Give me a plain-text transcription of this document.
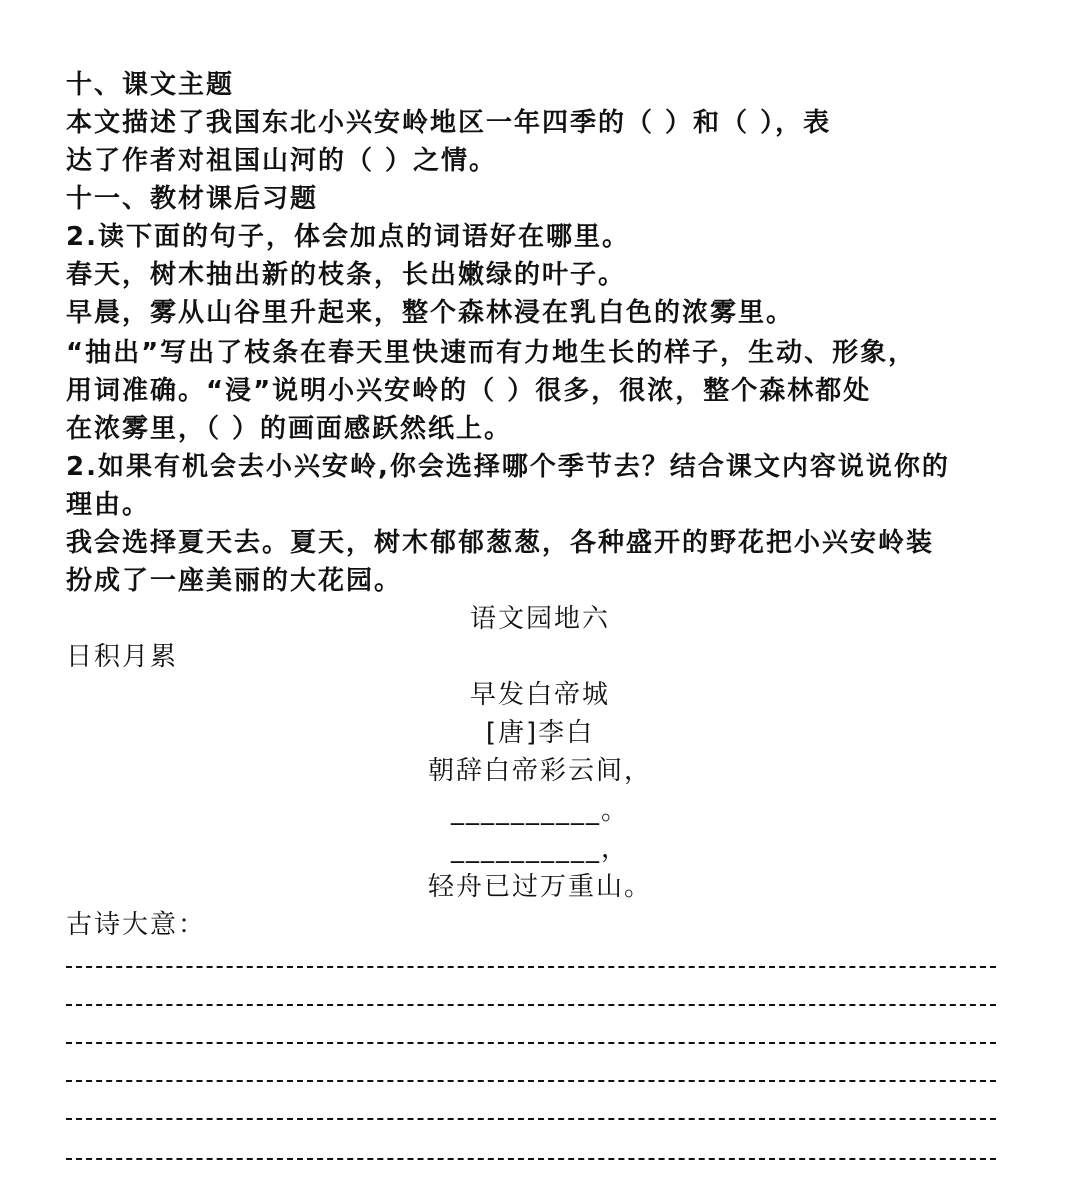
十、课文主题
本文描述了我国东北小兴安岭地区一年四季的（ ）和（ ），表
达了作者对祖国山河的（ ）之情。
十一、教材课后习题
2.读下面的句子，体会加点的词语好在哪里。
春天，树木抽出新的枝条，长出嫩绿的叶子。
早晨，雾从山谷里升起来，整个森林浸在乳白色的浓雾里。
“抽出”写出了枝条在春天里快速而有力地生长的样子，生动、形象，
用词准确。“浸”说明小兴安岭的（ ）很多，很浓，整个森林都处
在浓雾里，（ ）的画面感跃然纸上。
2.如果有机会去小兴安岭,你会选择哪个季节去？结合课文内容说说你的
理由。
我会选择夏天去。夏天，树木郁郁葱葱，各种盛开的野花把小兴安岭装
扮成了一座美丽的大花园。
语文园地六
日积月累
早发白帝城
[唐]李白
朝辞白帝彩云间，
__________。
__________，
轻舟已过万重山。
古诗大意：
